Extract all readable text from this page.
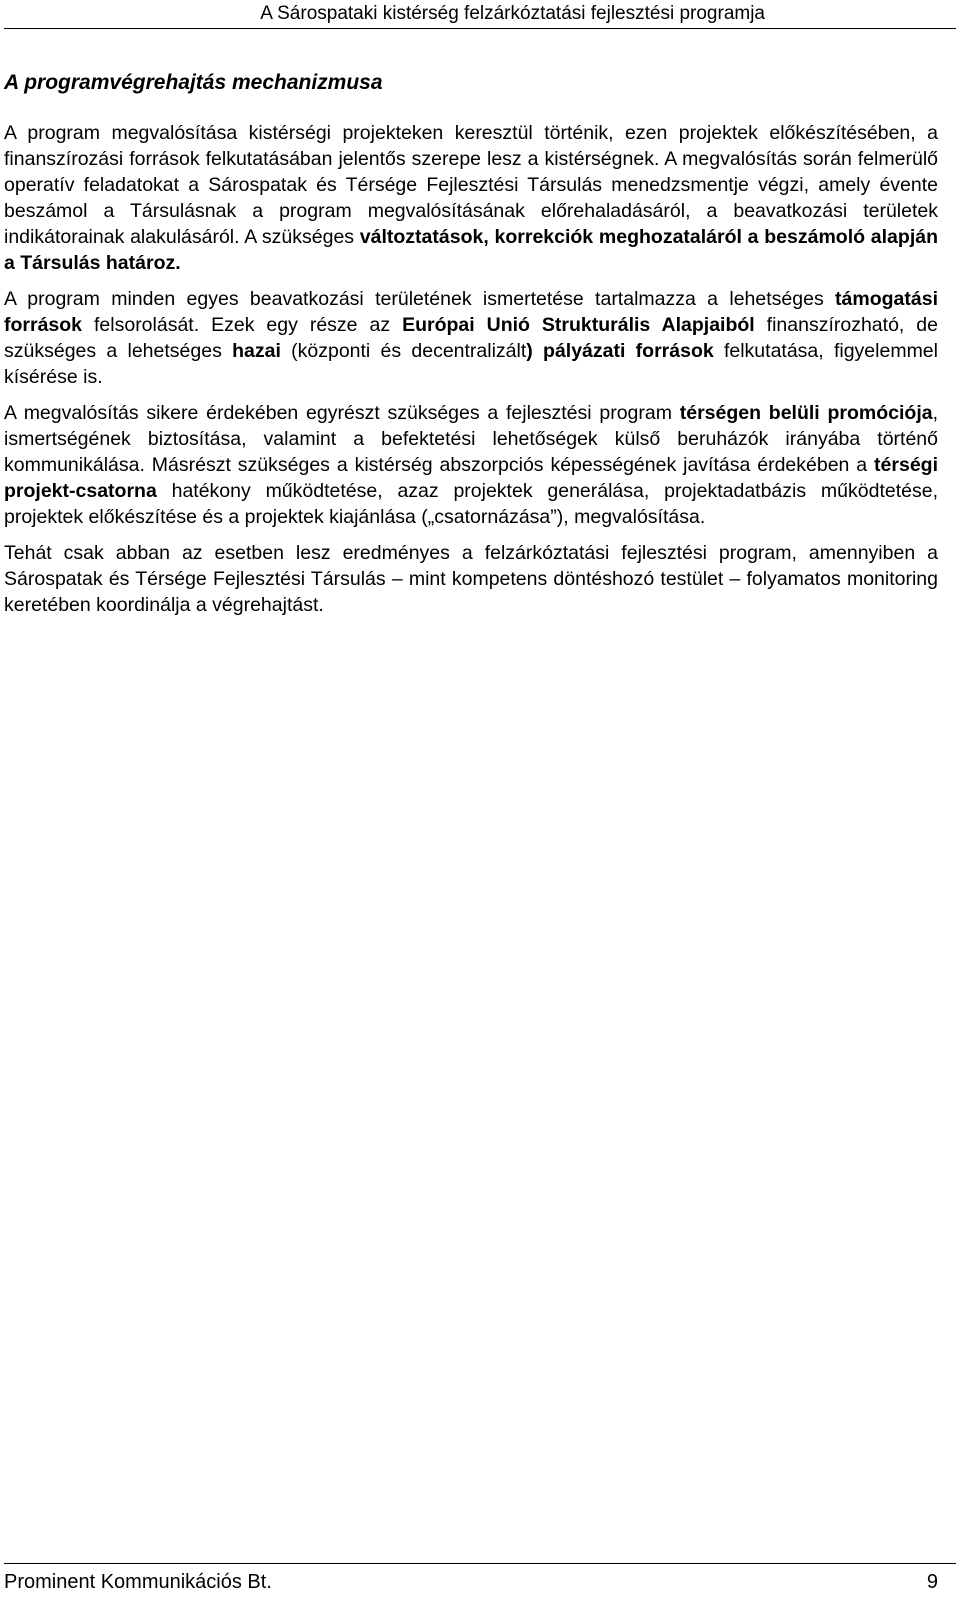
A Sárospataki kistérség felzárkóztatási fejlesztési programja
A programvégrehajtás mechanizmusa

A program megvalósítása kistérségi projekteken keresztül történik, ezen projektek előkészítésében, a finanszírozási források felkutatásában jelentős szerepe lesz a kistérségnek. A megvalósítás során felmerülő operatív feladatokat a Sárospatak és Térsége Fejlesztési Társulás menedzsmentje végzi, amely évente beszámol a Társulásnak a program megvalósításának előrehaladásáról, a beavatkozási területek indikátorainak alakulásáról. A szükséges változtatások, korrekciók meghozataláról a beszámoló alapján a Társulás határoz.

A program minden egyes beavatkozási területének ismertetése tartalmazza a lehetséges támogatási források felsorolását. Ezek egy része az Európai Unió Strukturális Alapjaiból finanszírozható, de szükséges a lehetséges hazai (központi és decentralizált) pályázati források felkutatása, figyelemmel kísérése is.

A megvalósítás sikere érdekében egyrészt szükséges a fejlesztési program térségen belüli promóciója, ismertségének biztosítása, valamint a befektetési lehetőségek külső beruházók irányába történő kommunikálása. Másrészt szükséges a kistérség abszorpciós képességének javítása érdekében a térségi projekt-csatorna hatékony működtetése, azaz projektek generálása, projektadatbázis működtetése, projektek előkészítése és a projektek kiajánlása („csatornázása”), megvalósítása.

Tehát csak abban az esetben lesz eredményes a felzárkóztatási fejlesztési program, amennyiben a Sárospatak és Térsége Fejlesztési Társulás – mint kompetens döntéshozó testület – folyamatos monitoring keretében koordinálja a végrehajtást.

Prominent Kommunikációs Bt.	9
